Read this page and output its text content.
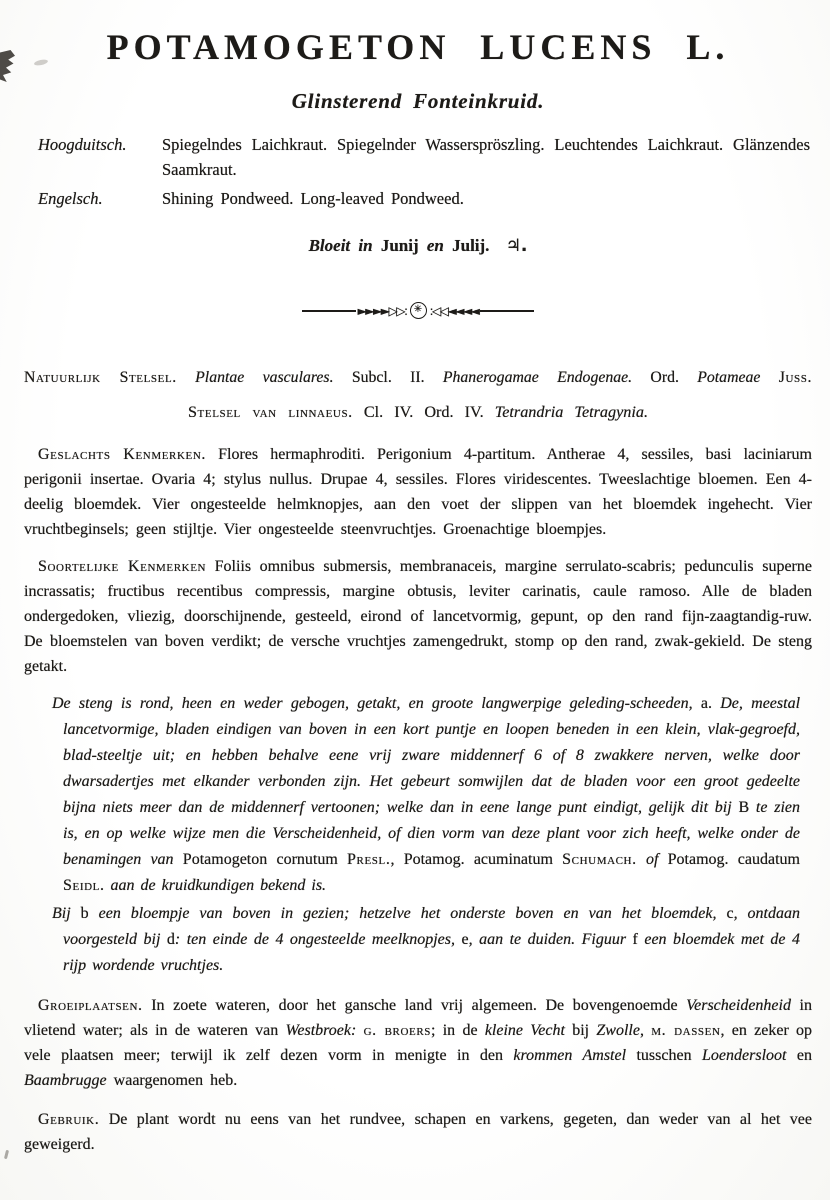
POTAMOGETON LUCENS L.
Glinsterend Fonteinkruid.
Hoogduitsch.	Spiegelndes Laichkraut. Spiegelnder Wasserspröszling. Leuchtendes Laichkraut. Glänzendes Saamkraut.
Engelsch.	Shining Pondweed. Long-leaved Pondweed.
Bloeit in Junij en Julij. ♃.
►►►►▷▷: ✳ :◁◁◄◄◄◄

Natuurlijk Stelsel. Plantae vasculares. Subcl. II. Phanerogamae Endogenae. Ord. Potameae Juss.

Stelsel van linnaeus. Cl. IV. Ord. IV. Tetrandria Tetragynia.

Geslachts Kenmerken. Flores hermaphroditi. Perigonium 4-partitum. Antherae 4, sessiles, basi laciniarum perigonii insertae. Ovaria 4; stylus nullus. Drupae 4, sessiles. Flores viridescentes. Tweeslachtige bloemen. Een 4-deelig bloemdek. Vier ongesteelde helmknopjes, aan den voet der slippen van het bloemdek ingehecht. Vier vruchtbeginsels; geen stijltje. Vier ongesteelde steenvruchtjes. Groenachtige bloempjes.

Soortelijke Kenmerken Foliis omnibus submersis, membranaceis, margine serrulato-scabris; pedunculis superne incrassatis; fructibus recentibus compressis, margine obtusis, leviter carinatis, caule ramoso. Alle de bladen ondergedoken, vliezig, doorschijnende, gesteeld, eirond of lancetvormig, gepunt, op den rand fijn-zaagtandig-ruw. De bloemstelen van boven verdikt; de versche vruchtjes zamengedrukt, stomp op den rand, zwak-gekield. De steng getakt.

De steng is rond, heen en weder gebogen, getakt, en groote langwerpige geleding-scheeden, a. De, meestal lancetvormige, bladen eindigen van boven in een kort puntje en loopen beneden in een klein, vlak-gegroefd, blad-steeltje uit; en hebben behalve eene vrij zware middennerf 6 of 8 zwakkere nerven, welke door dwarsadertjes met elkander verbonden zijn. Het gebeurt somwijlen dat de bladen voor een groot gedeelte bijna niets meer dan de middennerf vertoonen; welke dan in eene lange punt eindigt, gelijk dit bij B te zien is, en op welke wijze men die Verscheidenheid, of dien vorm van deze plant voor zich heeft, welke onder de benamingen van Potamogeton cornutum Presl., Potamog. acuminatum Schumach. of Potamog. caudatum Seidl. aan de kruidkundigen bekend is.

Bij b een bloempje van boven in gezien; hetzelve het onderste boven en van het bloemdek, c, ontdaan voorgesteld bij d: ten einde de 4 ongesteelde meelknopjes, e, aan te duiden. Figuur f een bloemdek met de 4 rijp wordende vruchtjes.

Groeiplaatsen. In zoete wateren, door het gansche land vrij algemeen. De bovengenoemde Verscheidenheid in vlietend water; als in de wateren van Westbroek: g. broers; in de kleine Vecht bij Zwolle, m. dassen, en zeker op vele plaatsen meer; terwijl ik zelf dezen vorm in menigte in den krommen Amstel tusschen Loendersloot en Baambrugge waargenomen heb.

Gebruik. De plant wordt nu eens van het rundvee, schapen en varkens, gegeten, dan weder van al het vee geweigerd.
